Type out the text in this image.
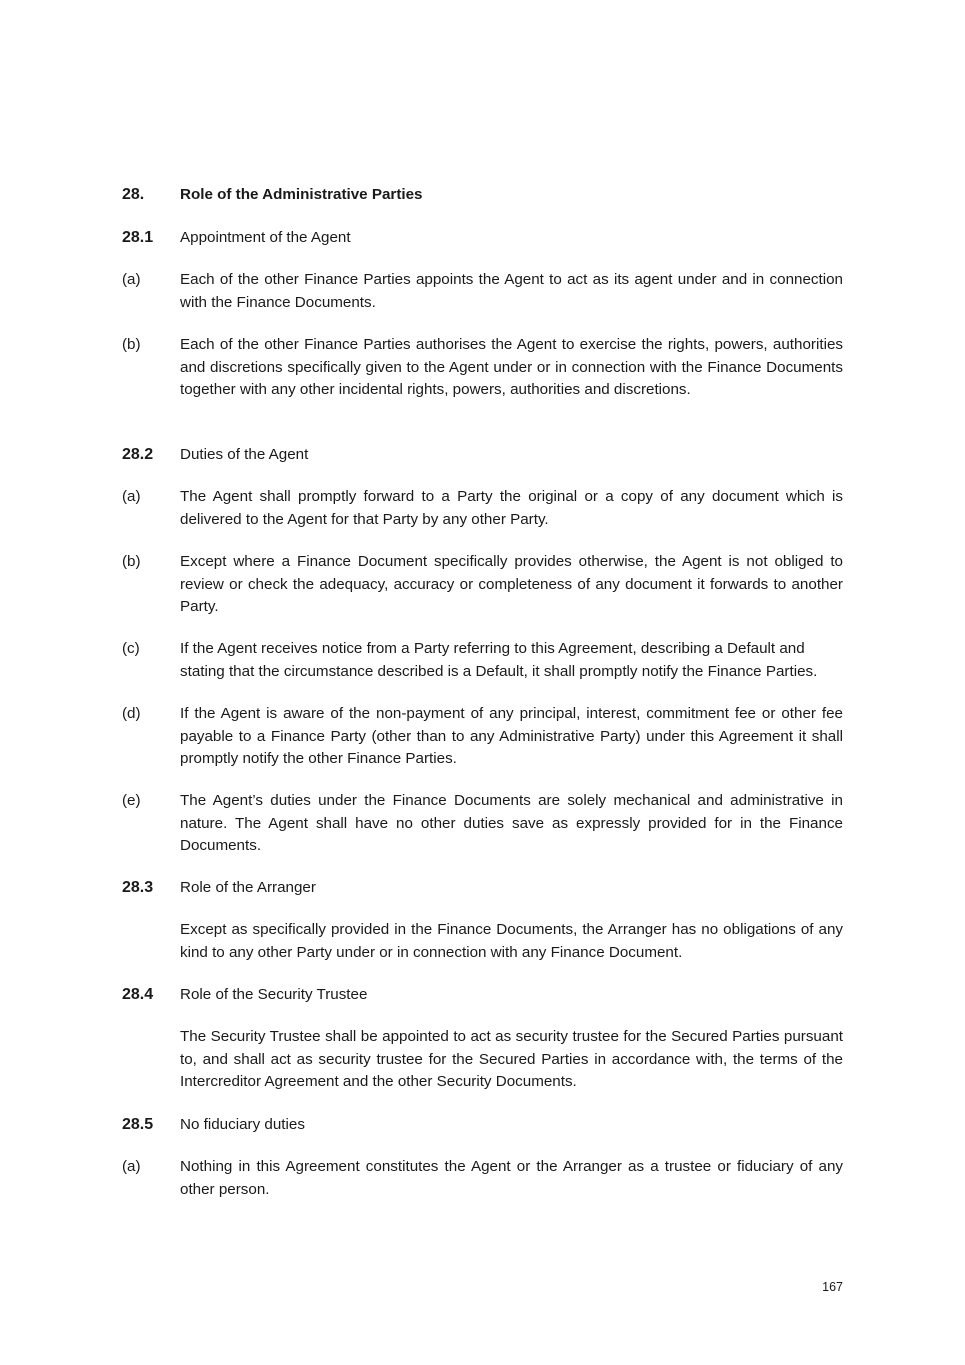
28.	Role of the Administrative Parties
28.1	Appointment of the Agent
(a)	Each of the other Finance Parties appoints the Agent to act as its agent under and in connection with the Finance Documents.
(b)	Each of the other Finance Parties authorises the Agent to exercise the rights, powers, authorities and discretions specifically given to the Agent under or in connection with the Finance Documents together with any other incidental rights, powers, authorities and discretions.
28.2	Duties of the Agent
(a)	The Agent shall promptly forward to a Party the original or a copy of any document which is delivered to the Agent for that Party by any other Party.
(b)	Except where a Finance Document specifically provides otherwise, the Agent is not obliged to review or check the adequacy, accuracy or completeness of any document it forwards to another Party.
(c)	If the Agent receives notice from a Party referring to this Agreement, describing a Default and stating that the circumstance described is a Default, it shall promptly notify the Finance Parties.
(d)	If the Agent is aware of the non-payment of any principal, interest, commitment fee or other fee payable to a Finance Party (other than to any Administrative Party) under this Agreement it shall promptly notify the other Finance Parties.
(e)	The Agent’s duties under the Finance Documents are solely mechanical and administrative in nature. The Agent shall have no other duties save as expressly provided for in the Finance Documents.
28.3	Role of the Arranger
Except as specifically provided in the Finance Documents, the Arranger has no obligations of any kind to any other Party under or in connection with any Finance Document.
28.4	Role of the Security Trustee
The Security Trustee shall be appointed to act as security trustee for the Secured Parties pursuant to, and shall act as security trustee for the Secured Parties in accordance with, the terms of the Intercreditor Agreement and the other Security Documents.
28.5	No fiduciary duties
(a)	Nothing in this Agreement constitutes the Agent or the Arranger as a trustee or fiduciary of any other person.
167
